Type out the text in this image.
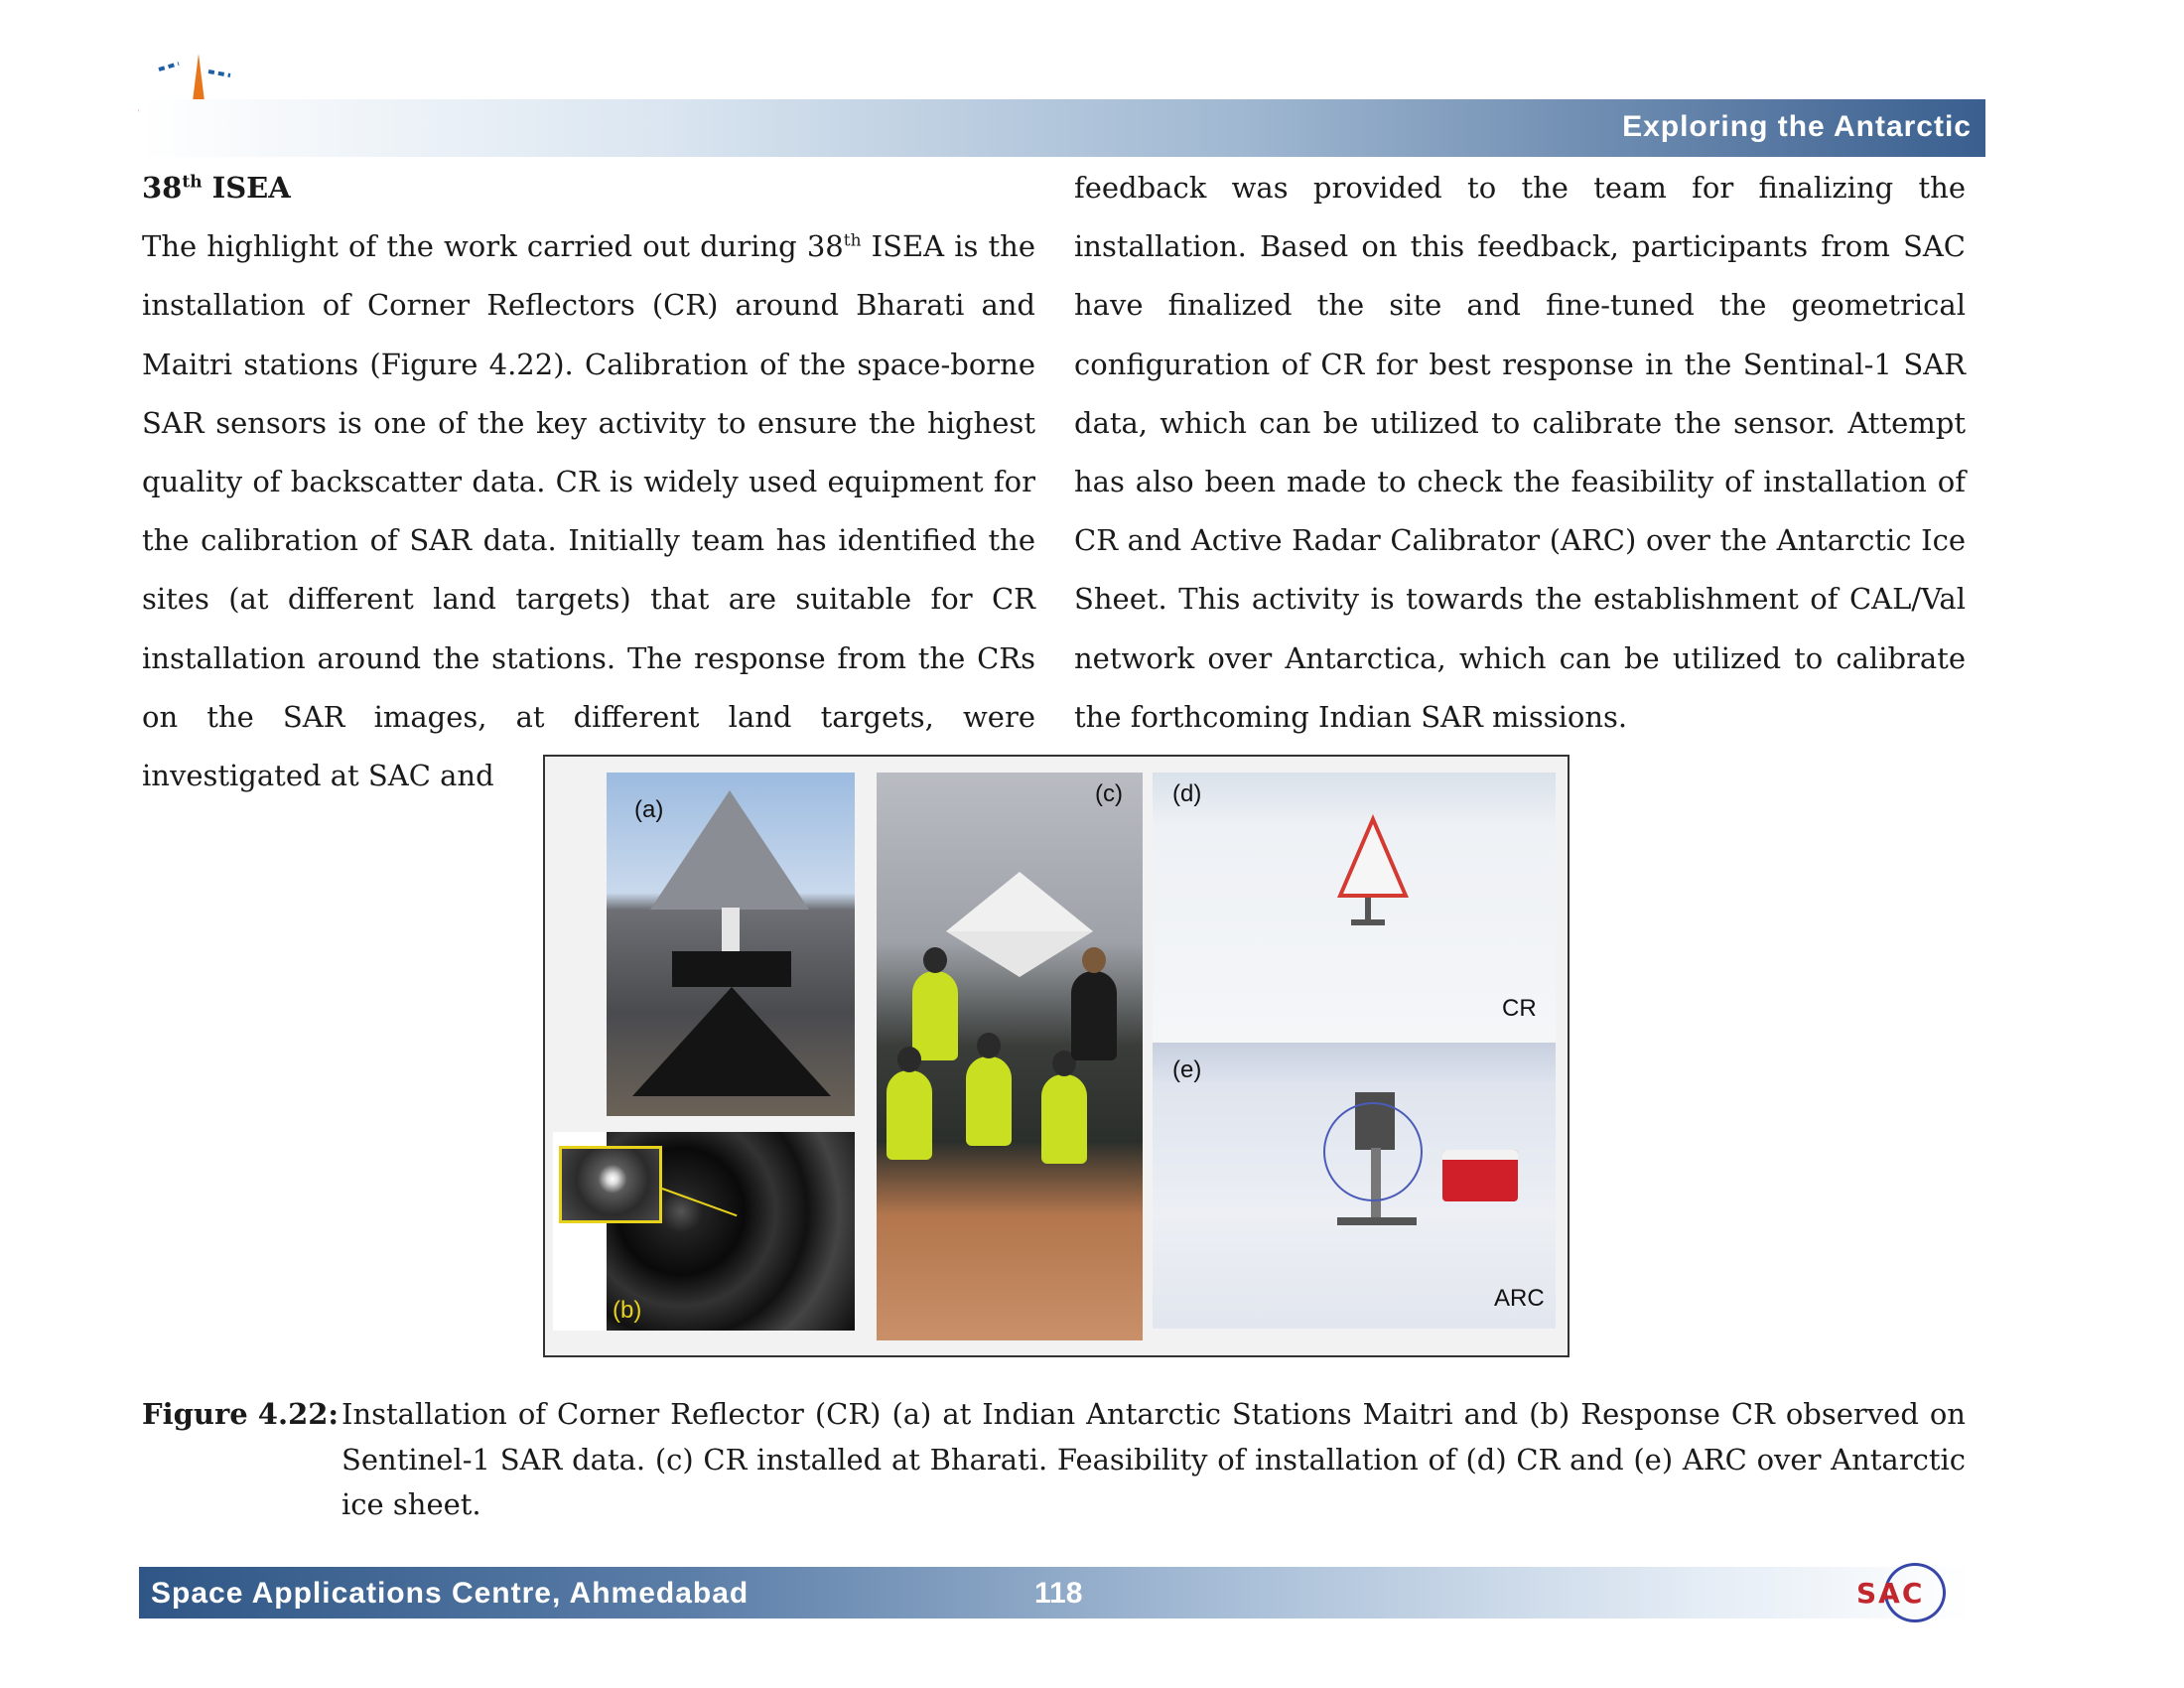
Exploring the Antarctic
38th ISEA

The highlight of the work carried out during 38th ISEA is the installation of Corner Reflectors (CR) around Bharati and Maitri stations (Figure 4.22). Calibration of the space-borne SAR sensors is one of the key activity to ensure the highest quality of backscatter data. CR is widely used equipment for the calibration of SAR data. Initially team has identified the sites (at different land targets) that are suitable for CR installation around the stations. The response from the CRs on the SAR images, at different land targets, were investigated at SAC and

feedback was provided to the team for finalizing the installation. Based on this feedback, participants from SAC have finalized the site and fine-tuned the geometrical configuration of CR for best response in the Sentinal-1 SAR data, which can be utilized to calibrate the sensor. Attempt has also been made to check the feasibility of installation of CR and Active Radar Calibrator (ARC) over the Antarctic Ice Sheet. This activity is towards the establishment of CAL/Val network over Antarctica, which can be utilized to calibrate the forthcoming Indian SAR missions.

(a)
(b)
(c) (d)
CR
(e)
ARC
Figure 4.22: Installation of Corner Reflector (CR) (a) at Indian Antarctic Stations Maitri and (b) Response CR observed on Sentinel-1 SAR data. (c) CR installed at Bharati. Feasibility of installation of (d) CR and (e) ARC over Antarctic ice sheet.

Space Applications Centre, Ahmedabad	118	SAC
